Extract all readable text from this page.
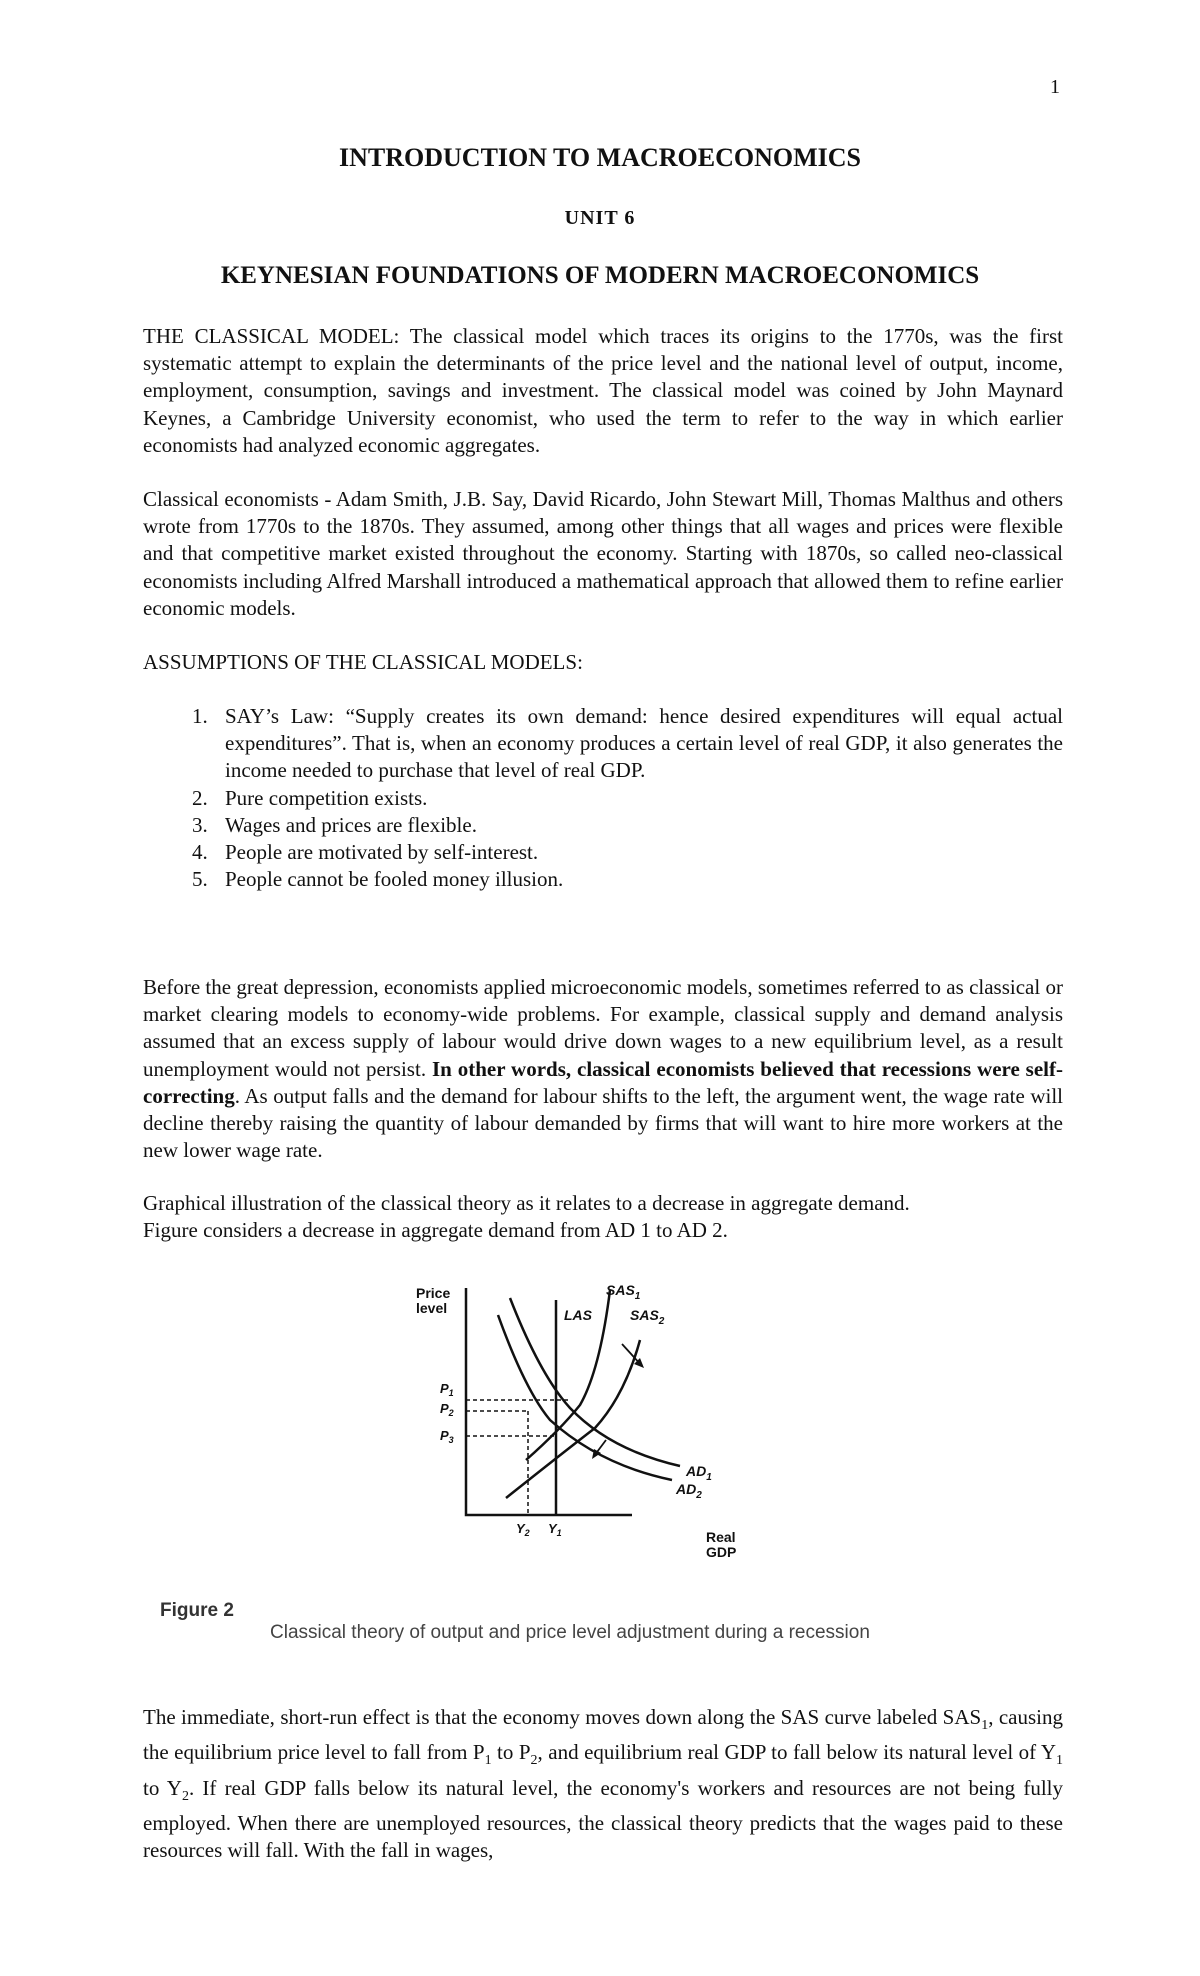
1
INTRODUCTION TO MACROECONOMICS
UNIT 6
KEYNESIAN FOUNDATIONS OF MODERN MACROECONOMICS

THE CLASSICAL MODEL: The classical model which traces its origins to the 1770s, was the first systematic attempt to explain the determinants of the price level and the national level of output, income, employment, consumption, savings and investment. The classical model was coined by John Maynard Keynes, a Cambridge University economist, who used the term to refer to the way in which earlier economists had analyzed economic aggregates.

Classical economists - Adam Smith, J.B. Say, David Ricardo, John Stewart Mill, Thomas Malthus and others wrote from 1770s to the 1870s. They assumed, among other things that all wages and prices were flexible and that competitive market existed throughout the economy. Starting with 1870s, so called neo-classical economists including Alfred Marshall introduced a mathematical approach that allowed them to refine earlier economic models.

ASSUMPTIONS OF THE CLASSICAL MODELS:

1. SAY’s Law: “Supply creates its own demand: hence desired expenditures will equal actual expenditures”. That is, when an economy produces a certain level of real GDP, it also generates the income needed to purchase that level of real GDP.
2. Pure competition exists.
3. Wages and prices are flexible.
4. People are motivated by self-interest.
5. People cannot be fooled money illusion.

Before the great depression, economists applied microeconomic models, sometimes referred to as classical or market clearing models to economy-wide problems. For example, classical supply and demand analysis assumed that an excess supply of labour would drive down wages to a new equilibrium level, as a result unemployment would not persist. In other words, classical economists believed that recessions were self-correcting. As output falls and the demand for labour shifts to the left, the argument went, the wage rate will decline thereby raising the quantity of labour demanded by firms that will want to hire more workers at the new lower wage rate.

Graphical illustration of the classical theory as it relates to a decrease in aggregate demand.
Figure considers a decrease in aggregate demand from AD 1 to AD 2.
Price
level
Real
GDP
LAS
$SAS_1$
$SAS_2$
$AD_1$
$AD_2$
$P_1$
$P_2$
$P_3$
$Y_2$ $Y_1$
Figure 2
Classical theory of output and price level adjustment during a recession

The immediate, short-run effect is that the economy moves down along the SAS curve labeled $SAS_1$, causing the equilibrium price level to fall from $P_1$ to $P_2$, and equilibrium real GDP to fall below its natural level of $Y_1$ to $Y_2$. If real GDP falls below its natural level, the economy's workers and resources are not being fully employed. When there are unemployed resources, the classical theory predicts that the wages paid to these resources will fall. With the fall in wages,
